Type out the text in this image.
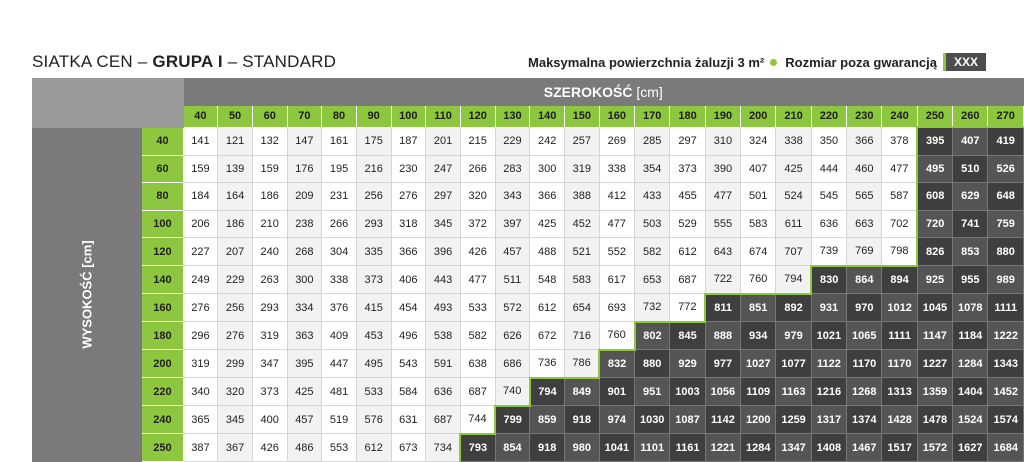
SIATKA CEN – GRUPA I – STANDARD	Maksymalna powierzchnia żaluzji 3 m² Rozmiar poza gwarancją	XXX
		SZEROKOŚĆ [cm]																							
		40	50	60	70	80	90	100	110	120	130	140	150	160	170	180	190	200	210	220	230	240	250	260	270
WYSOKOŚĆ [cm]	40	141	121	132	147	161	175	187	201	215	229	242	257	269	285	297	310	324	338	350	366	378	395	407	419
	60	159	139	159	176	195	216	230	247	266	283	300	319	338	354	373	390	407	425	444	460	477	495	510	526
	80	184	164	186	209	231	256	276	297	320	343	366	388	412	433	455	477	501	524	545	565	587	608	629	648
	100	206	186	210	238	266	293	318	345	372	397	425	452	477	503	529	555	583	611	636	663	702	720	741	759
	120	227	207	240	268	304	335	366	396	426	457	488	521	552	582	612	643	674	707	739	769	798	826	853	880
	140	249	229	263	300	338	373	406	443	477	511	548	583	617	653	687	722	760	794	830	864	894	925	955	989
	160	276	256	293	334	376	415	454	493	533	572	612	654	693	732	772	811	851	892	931	970	1012	1045	1078	1111
	180	296	276	319	363	409	453	496	538	582	626	672	716	760	802	845	888	934	979	1021	1065	1111	1147	1184	1222
	200	319	299	347	395	447	495	543	591	638	686	736	786	832	880	929	977	1027	1077	1122	1170	1170	1227	1284	1343
	220	340	320	373	425	481	533	584	636	687	740	794	849	901	951	1003	1056	1109	1163	1216	1268	1313	1359	1404	1452
	240	365	345	400	457	519	576	631	687	744	799	859	918	974	1030	1087	1142	1200	1259	1317	1374	1428	1478	1524	1574
	250	387	367	426	486	553	612	673	734	793	854	918	980	1041	1101	1161	1221	1284	1347	1408	1467	1517	1572	1627	1684
